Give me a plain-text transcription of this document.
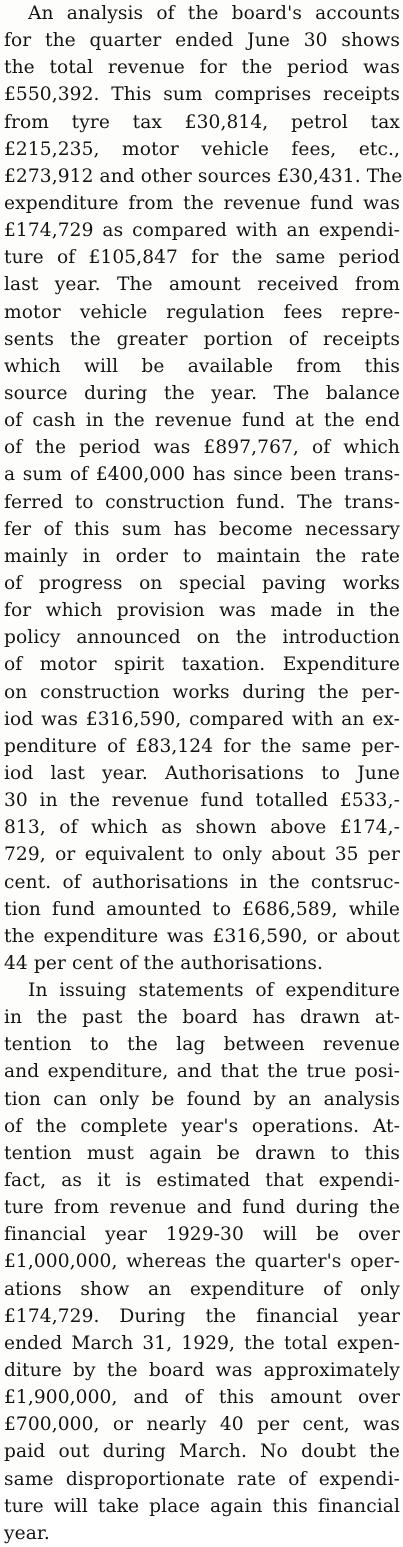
An analysis of the board's accounts
for the quarter ended June 30 shows
the total revenue for the period was
£550,392. This sum comprises receipts
from tyre tax £30,814, petrol tax
£215,235, motor vehicle fees, etc.,
£273,912 and other sources £30,431. The
expenditure from the revenue fund was
£174,729 as compared with an expendi-
ture of £105,847 for the same period
last year. The amount received from
motor vehicle regulation fees repre-
sents the greater portion of receipts
which will be available from this
source during the year. The balance
of cash in the revenue fund at the end
of the period was £897,767, of which
a sum of £400,000 has since been trans-
ferred to construction fund. The trans-
fer of this sum has become necessary
mainly in order to maintain the rate
of progress on special paving works
for which provision was made in the
policy announced on the introduction
of motor spirit taxation. Expenditure
on construction works during the per-
iod was £316,590, compared with an ex-
penditure of £83,124 for the same per-
iod last year. Authorisations to June
30 in the revenue fund totalled £533,-
813, of which as shown above £174,-
729, or equivalent to only about 35 per
cent. of authorisations in the contsruc-
tion fund amounted to £686,589, while
the expenditure was £316,590, or about
44 per cent of the authorisations.
In issuing statements of expenditure
in the past the board has drawn at-
tention to the lag between revenue
and expenditure, and that the true posi-
tion can only be found by an analysis
of the complete year's operations. At-
tention must again be drawn to this
fact, as it is estimated that expendi-
ture from revenue and fund during the
financial year 1929-30 will be over
£1,000,000, whereas the quarter's oper-
ations show an expenditure of only
£174,729. During the financial year
ended March 31, 1929, the total expen-
diture by the board was approximately
£1,900,000, and of this amount over
£700,000, or nearly 40 per cent, was
paid out during March. No doubt the
same disproportionate rate of expendi-
ture will take place again this financial
year.
